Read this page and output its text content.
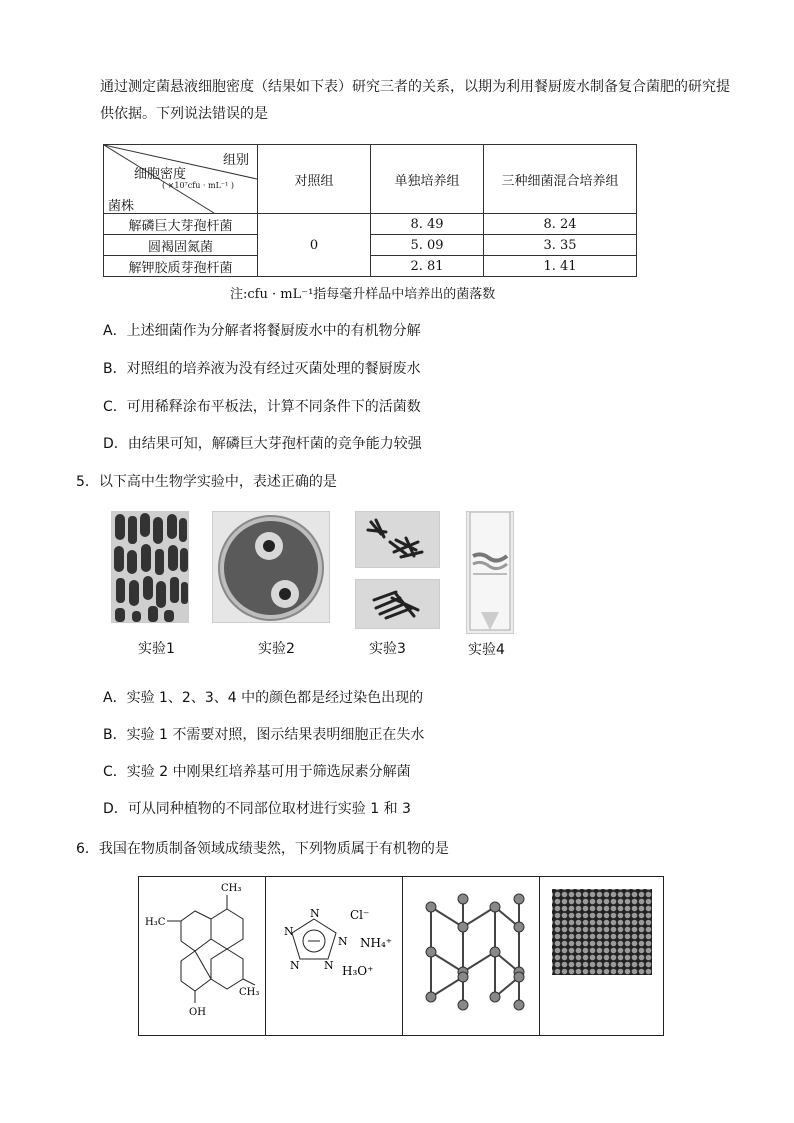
通过测定菌悬液细胞密度（结果如下表）研究三者的关系，以期为利用餐厨废水制备复合菌肥的研究提
供依据。下列说法错误的是
组别
细胞密度
( ×10⁷cfu · mL⁻¹ )
菌株	对照组	单独培养组	三种细菌混合培养组
解磷巨大芽孢杆菌	0	8. 49	8. 24
圆褐固氮菌		5. 09	3. 35
解钾胶质芽孢杆菌		2. 81	1. 41
注:cfu · mL⁻¹指每毫升样品中培养出的菌落数
A．上述细菌作为分解者将餐厨废水中的有机物分解
B．对照组的培养液为没有经过灭菌处理的餐厨废水
C．可用稀释涂布平板法，计算不同条件下的活菌数
D．由结果可知，解磷巨大芽孢杆菌的竞争能力较强
5．以下高中生物学实验中，表述正确的是
实验1	实验2	实验3	实验4
A．实验 1、2、3、4 中的颜色都是经过染色出现的
B．实验 1 不需要对照，图示结果表明细胞正在失水
C．实验 2 中刚果红培养基可用于筛选尿素分解菌
D．可从同种植物的不同部位取材进行实验 1 和 3
6．我国在物质制备领域成绩斐然，下列物质属于有机物的是
CH₃
H₃C
CH₃
OH
N
N
N
N N
Cl⁻
NH₄⁺
H₃O⁺
